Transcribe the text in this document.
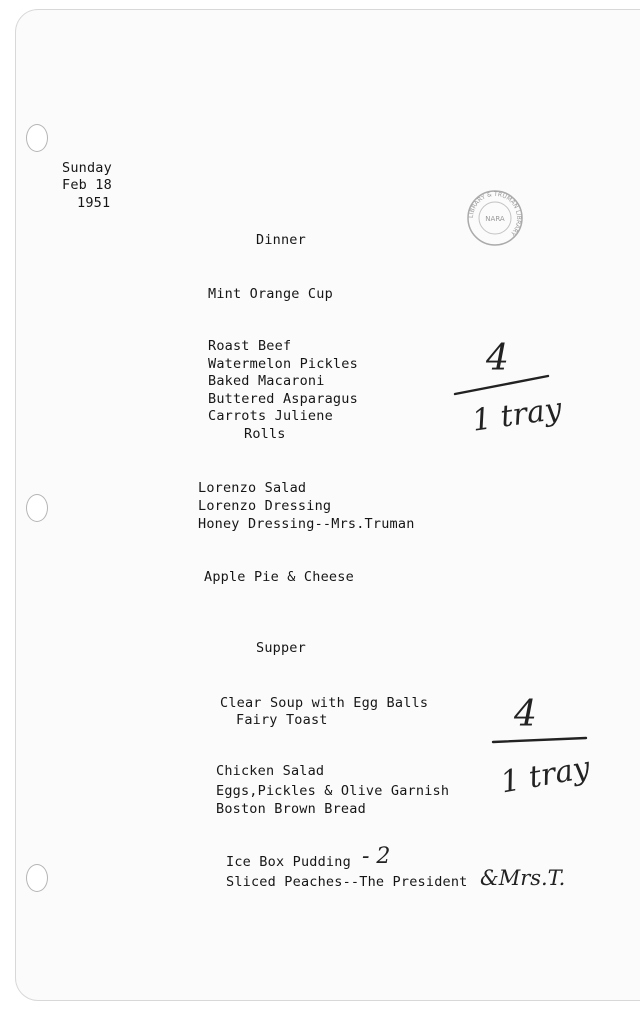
Sunday
Feb 18
1951
LIBRARY & TRUMAN LIBRARY
NARA
Dinner
Mint Orange Cup
Roast Beef
Watermelon Pickles
Baked Macaroni
Buttered Asparagus
Carrots Juliene
Rolls
Lorenzo Salad
Lorenzo Dressing
Honey Dressing--Mrs.Truman
Apple Pie & Cheese
4
1 tray
Supper
Clear Soup with Egg Balls
Fairy Toast
Chicken Salad
Eggs,Pickles & Olive Garnish
Boston Brown Bread
Ice Box Pudding
Sliced Peaches--The President
4
1 tray
- 2
&Mrs.T.
